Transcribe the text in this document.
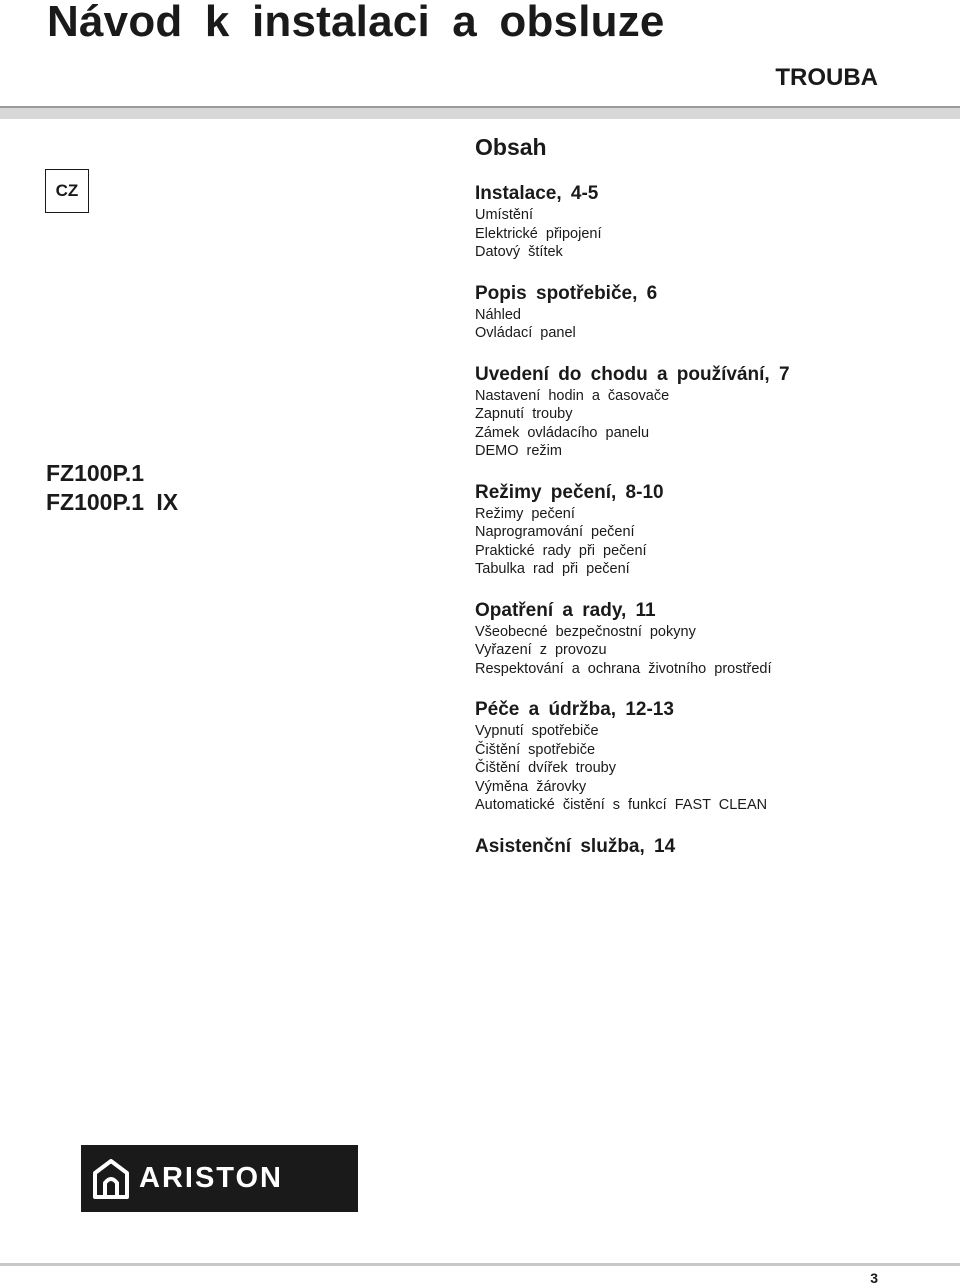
Návod k instalaci a obsluze
TROUBA
CZ
FZ100P.1
FZ100P.1 IX
Obsah
Instalace, 4-5
Umístění
Elektrické připojení
Datový štítek
Popis spotřebiče, 6
Náhled
Ovládací panel
Uvedení do chodu a používání, 7
Nastavení hodin a časovače
Zapnutí trouby
Zámek ovládacího panelu
DEMO režim
Režimy pečení, 8-10
Režimy pečení
Naprogramování pečení
Praktické rady při pečení
Tabulka rad při pečení
Opatření a rady, 11
Všeobecné bezpečnostní pokyny
Vyřazení z provozu
Respektování a ochrana životního prostředí
Péče a údržba, 12-13
Vypnutí spotřebiče
Čištění spotřebiče
Čištění dvířek trouby
Výměna žárovky
Automatické čistění s funkcí FAST CLEAN
Asistenční služba, 14
ARISTON
3
